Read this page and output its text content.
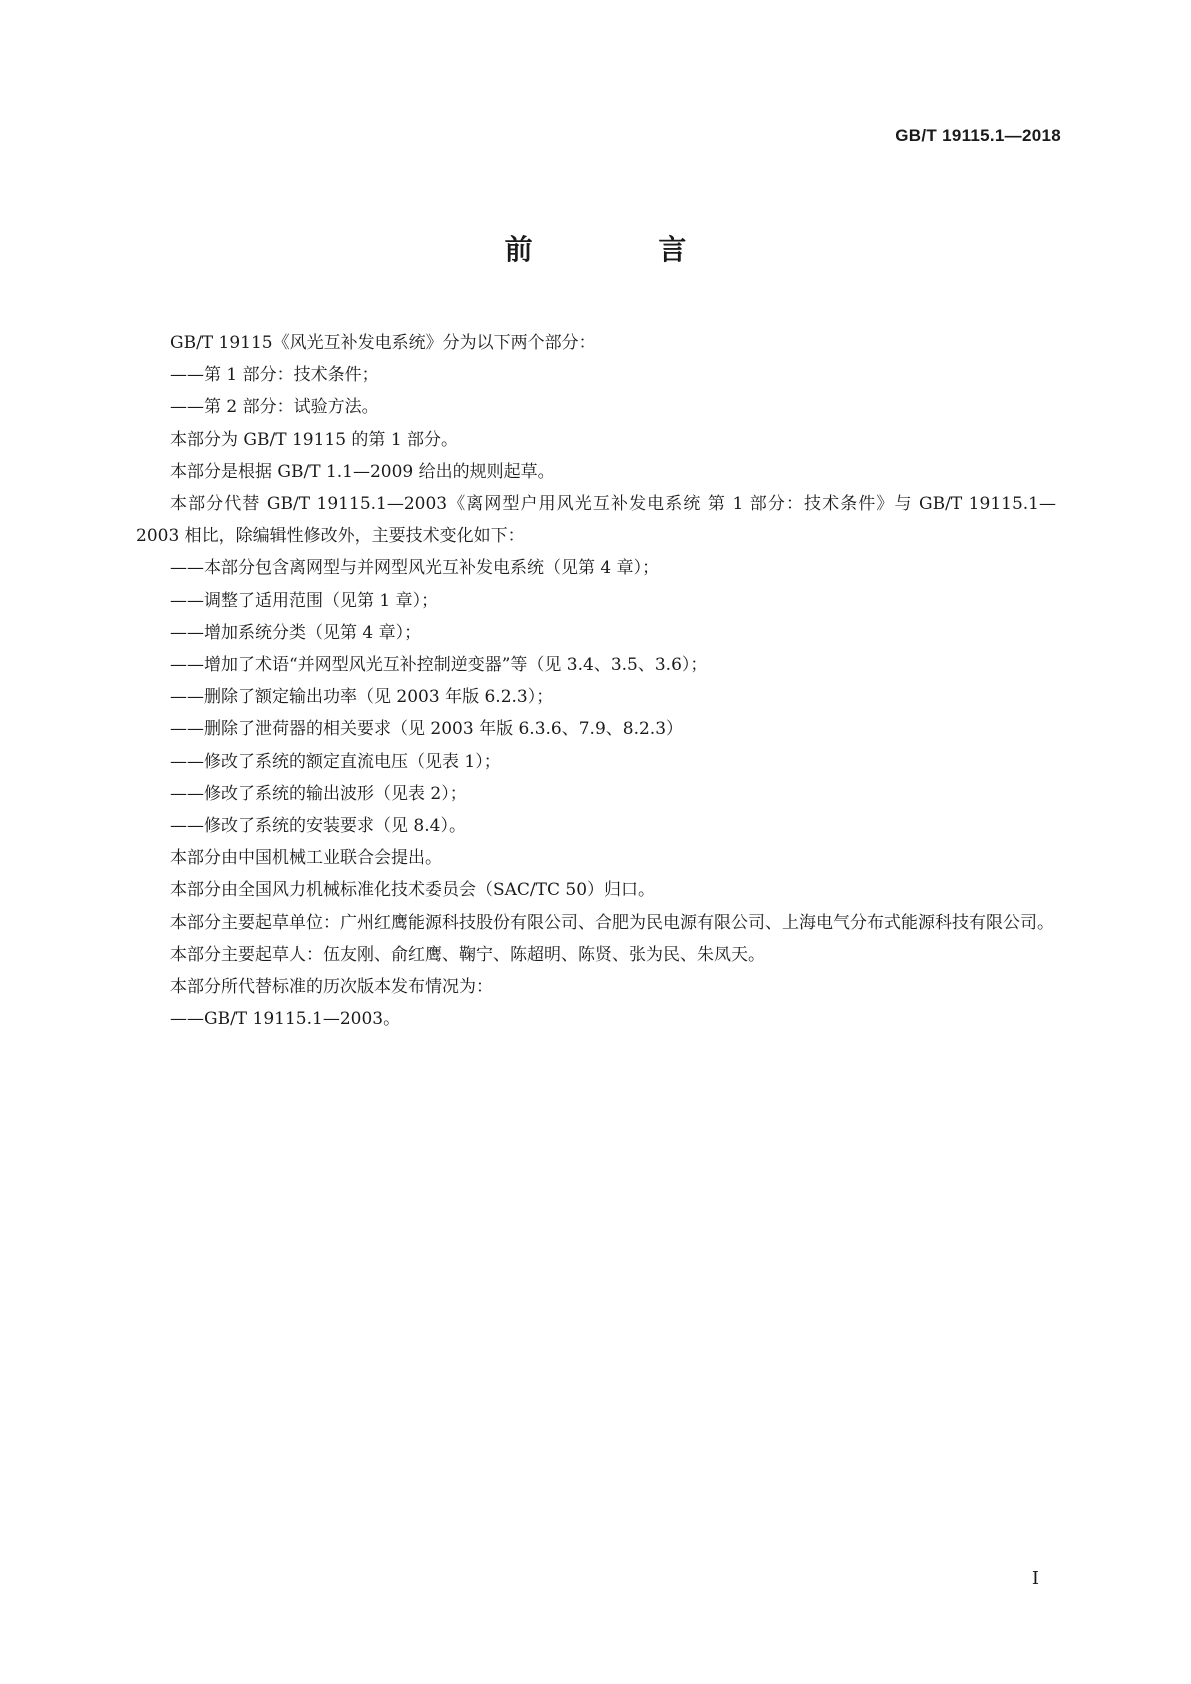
GB/T 19115.1—2018
前 言

GB/T 19115《风光互补发电系统》分为以下两个部分：

——第 1 部分：技术条件；

——第 2 部分：试验方法。

本部分为 GB/T 19115 的第 1 部分。

本部分是根据 GB/T 1.1—2009 给出的规则起草。

本部分代替 GB/T 19115.1—2003《离网型户用风光互补发电系统 第 1 部分：技术条件》与 GB/T 19115.1—2003 相比，除编辑性修改外，主要技术变化如下：

——本部分包含离网型与并网型风光互补发电系统（见第 4 章）；

——调整了适用范围（见第 1 章）；

——增加系统分类（见第 4 章）；

——增加了术语“并网型风光互补控制逆变器”等（见 3.4、3.5、3.6）；

——删除了额定输出功率（见 2003 年版 6.2.3）；

——删除了泄荷器的相关要求（见 2003 年版 6.3.6、7.9、8.2.3）

——修改了系统的额定直流电压（见表 1）；

——修改了系统的输出波形（见表 2）；

——修改了系统的安装要求（见 8.4）。

本部分由中国机械工业联合会提出。

本部分由全国风力机械标准化技术委员会（SAC/TC 50）归口。

本部分主要起草单位：广州红鹰能源科技股份有限公司、合肥为民电源有限公司、上海电气分布式能源科技有限公司。

本部分主要起草人：伍友刚、俞红鹰、鞠宁、陈超明、陈贤、张为民、朱凤天。

本部分所代替标准的历次版本发布情况为：

——GB/T 19115.1—2003。

I
